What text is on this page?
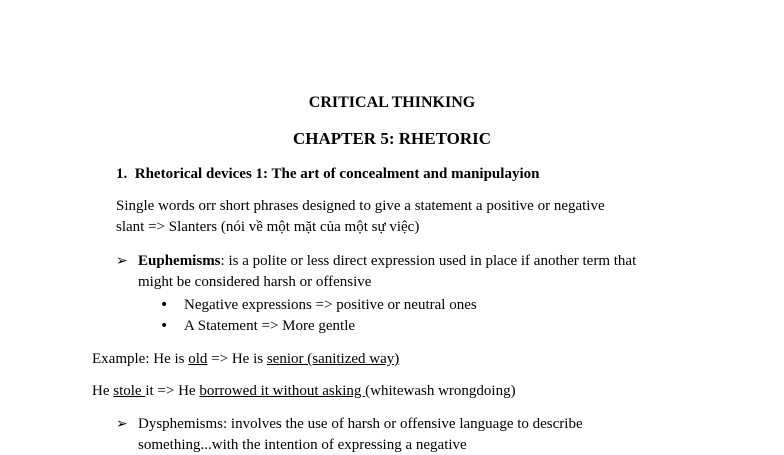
CRITICAL THINKING
CHAPTER 5: RHETORIC
1. Rhetorical devices 1: The art of concealment and manipulayion
Single words orr short phrases designed to give a statement a positive or negative
slant => Slanters (nói về một mặt của một sự việc)
➢ Euphemisms: is a polite or less direct expression used in place if another term that
might be considered harsh or offensive
• Negative expressions => positive or neutral ones
• A Statement => More gentle
Example: He is old => He is senior (sanitized way)
He stole it => He borrowed it without asking (whitewash wrongdoing)
➢ Dysphemisms: involves the use of harsh or offensive language to describe
something...with the intention of expressing a negative
